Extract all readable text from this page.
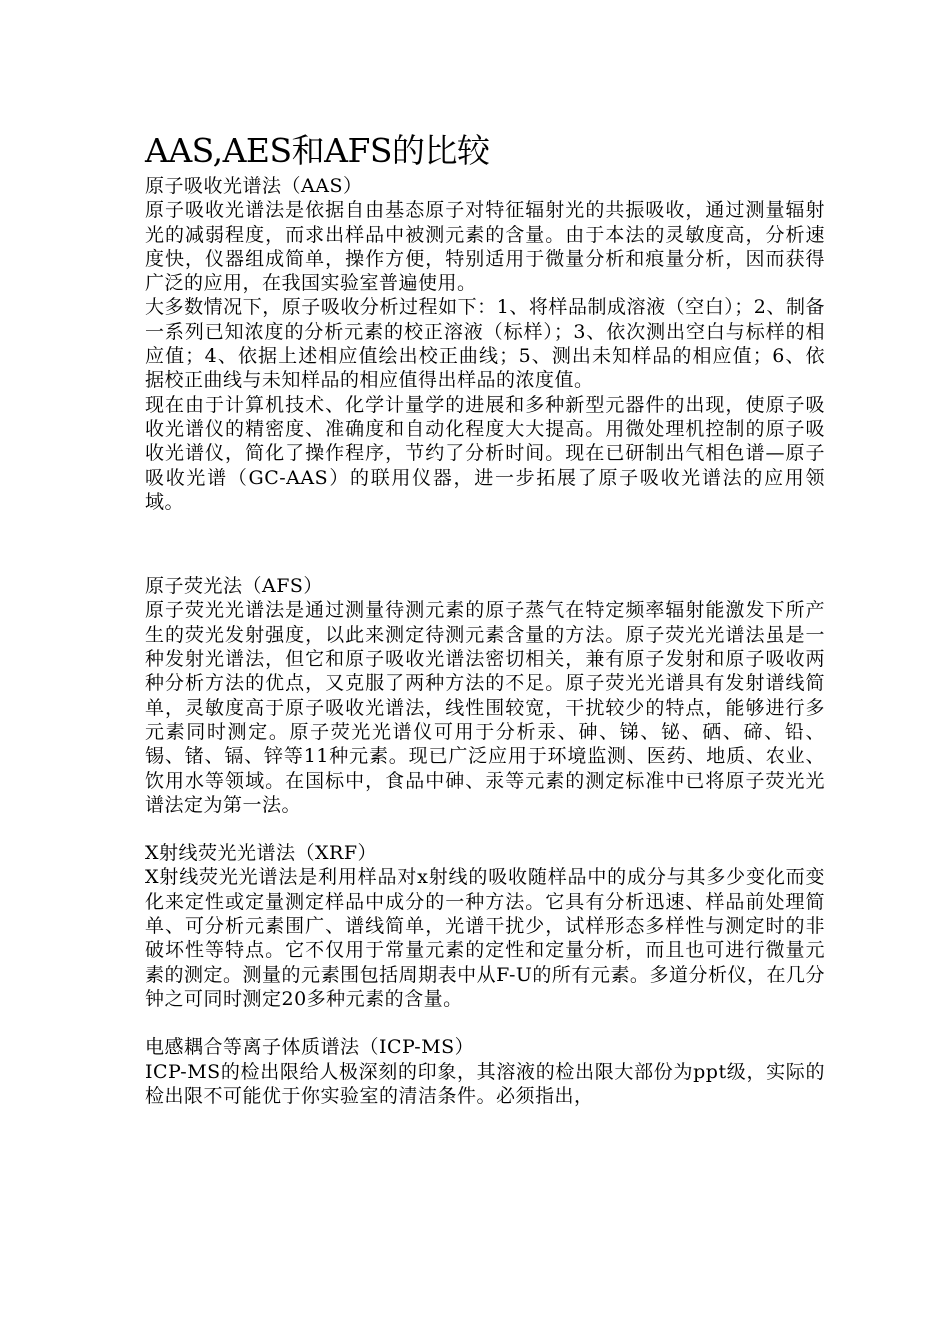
AAS,AES和AFS的比较

原子吸收光谱法（AAS）

原子吸收光谱法是依据自由基态原子对特征辐射光的共振吸收，通过测量辐射光的减弱程度，而求出样品中被测元素的含量。由于本法的灵敏度高，分析速度快，仪器组成简单，操作方便，特别适用于微量分析和痕量分析，因而获得广泛的应用，在我国实验室普遍使用。

大多数情况下，原子吸收分析过程如下：1、将样品制成溶液（空白）；2、制备一系列已知浓度的分析元素的校正溶液（标样）；3、依次测出空白与标样的相应值；4、依据上述相应值绘出校正曲线；5、测出未知样品的相应值；6、依据校正曲线与未知样品的相应值得出样品的浓度值。

现在由于计算机技术、化学计量学的进展和多种新型元器件的出现，使原子吸收光谱仪的精密度、准确度和自动化程度大大提高。用微处理机控制的原子吸收光谱仪，简化了操作程序，节约了分析时间。现在已研制出气相色谱—原子吸收光谱（GC-AAS）的联用仪器，进一步拓展了原子吸收光谱法的应用领域。

原子荧光法（AFS）

原子荧光光谱法是通过测量待测元素的原子蒸气在特定频率辐射能激发下所产生的荧光发射强度，以此来测定待测元素含量的方法。原子荧光光谱法虽是一种发射光谱法，但它和原子吸收光谱法密切相关，兼有原子发射和原子吸收两种分析方法的优点，又克服了两种方法的不足。原子荧光光谱具有发射谱线简单，灵敏度高于原子吸收光谱法，线性围较宽，干扰较少的特点，能够进行多元素同时测定。原子荧光光谱仪可用于分析汞、砷、锑、铋、硒、碲、铅、锡、锗、镉、锌等11种元素。现已广泛应用于环境监测、医药、地质、农业、饮用水等领域。在国标中，食品中砷、汞等元素的测定标准中已将原子荧光光谱法定为第一法。

X射线荧光光谱法（XRF）

X射线荧光光谱法是利用样品对x射线的吸收随样品中的成分与其多少变化而变化来定性或定量测定样品中成分的一种方法。它具有分析迅速、样品前处理简单、可分析元素围广、谱线简单，光谱干扰少，试样形态多样性与测定时的非破坏性等特点。它不仅用于常量元素的定性和定量分析，而且也可进行微量元素的测定。测量的元素围包括周期表中从F-U的所有元素。多道分析仪，在几分钟之可同时测定20多种元素的含量。

电感耦合等离子体质谱法（ICP-MS）

ICP-MS的检出限给人极深刻的印象，其溶液的检出限大部份为ppt级，实际的检出限不可能优于你实验室的清洁条件。必须指出，
